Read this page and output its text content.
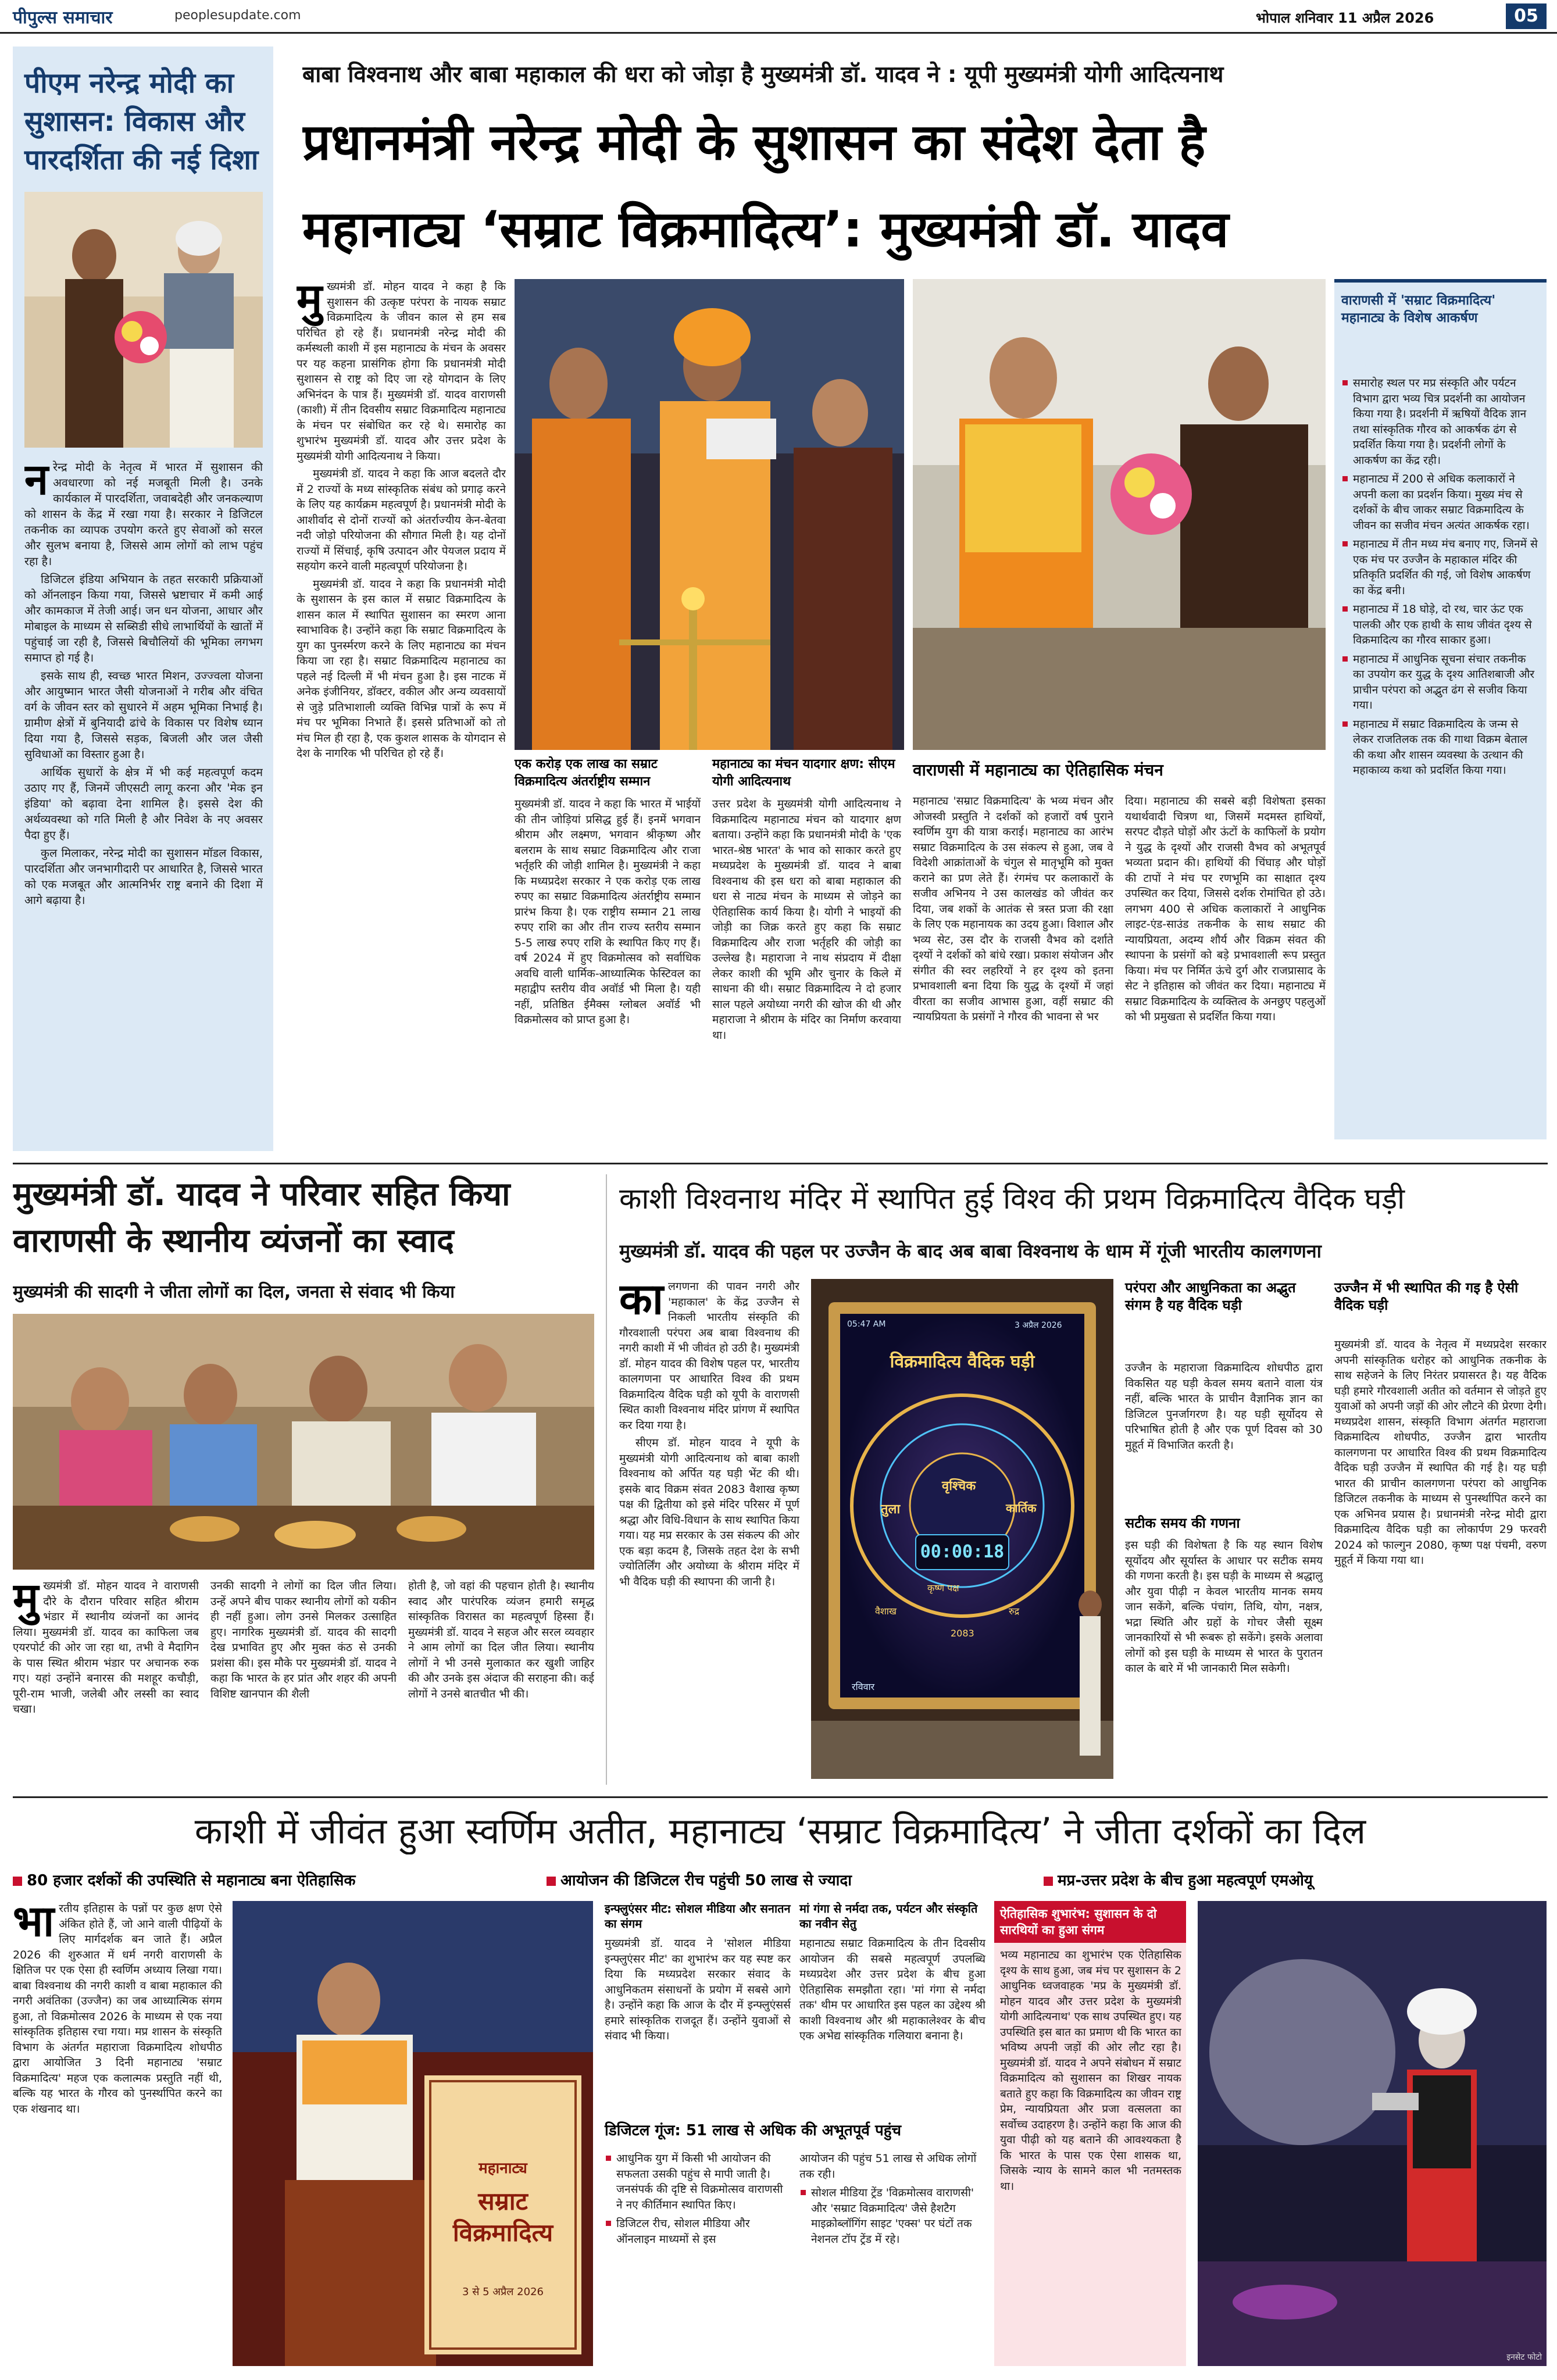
पीपुल्स समाचार	peoplesupdate.com	भोपाल शनिवार 11 अप्रैल 2026	05
पीएम नरेन्द्र मोदी का सुशासन: विकास और पारदर्शिता की नई दिशा

नरेन्द्र मोदी के नेतृत्व में भारत में सुशासन की अवधारणा को नई मजबूती मिली है। उनके कार्यकाल में पारदर्शिता, जवाबदेही और जनकल्याण को शासन के केंद्र में रखा गया है। सरकार ने डिजिटल तकनीक का व्यापक उपयोग करते हुए सेवाओं को सरल और सुलभ बनाया है, जिससे आम लोगों को लाभ पहुंच रहा है।

डिजिटल इंडिया अभियान के तहत सरकारी प्रक्रियाओं को ऑनलाइन किया गया, जिससे भ्रष्टाचार में कमी आई और कामकाज में तेजी आई। जन धन योजना, आधार और मोबाइल के माध्यम से सब्सिडी सीधे लाभार्थियों के खातों में पहुंचाई जा रही है, जिससे बिचौलियों की भूमिका लगभग समाप्त हो गई है।

इसके साथ ही, स्वच्छ भारत मिशन, उज्ज्वला योजना और आयुष्मान भारत जैसी योजनाओं ने गरीब और वंचित वर्ग के जीवन स्तर को सुधारने में अहम भूमिका निभाई है। ग्रामीण क्षेत्रों में बुनियादी ढांचे के विकास पर विशेष ध्यान दिया गया है, जिससे सड़क, बिजली और जल जैसी सुविधाओं का विस्तार हुआ है।

आर्थिक सुधारों के क्षेत्र में भी कई महत्वपूर्ण कदम उठाए गए हैं, जिनमें जीएसटी लागू करना और 'मेक इन इंडिया' को बढ़ावा देना शामिल है। इससे देश की अर्थव्यवस्था को गति मिली है और निवेश के नए अवसर पैदा हुए हैं।

कुल मिलाकर, नरेन्द्र मोदी का सुशासन मॉडल विकास, पारदर्शिता और जनभागीदारी पर आधारित है, जिससे भारत को एक मजबूत और आत्मनिर्भर राष्ट्र बनाने की दिशा में आगे बढ़ाया है।

बाबा विश्वनाथ और बाबा महाकाल की धरा को जोड़ा है मुख्यमंत्री डॉ. यादव ने : यूपी मुख्यमंत्री योगी आदित्यनाथ
प्रधानमंत्री नरेन्द्र मोदी के सुशासन का संदेश देता है
महानाट्य ‘सम्राट विक्रमादित्य’: मुख्यमंत्री डॉ. यादव

मुख्यमंत्री डॉ. मोहन यादव ने कहा है कि सुशासन की उत्कृष्ट परंपरा के नायक सम्राट विक्रमादित्य के जीवन काल से हम सब परिचित हो रहे हैं। प्रधानमंत्री नरेन्द्र मोदी की कर्मस्थली काशी में इस महानाट्य के मंचन के अवसर पर यह कहना प्रासंगिक होगा कि प्रधानमंत्री मोदी सुशासन से राष्ट्र को दिए जा रहे योगदान के लिए अभिनंदन के पात्र हैं। मुख्यमंत्री डॉ. यादव वाराणसी (काशी) में तीन दिवसीय सम्राट विक्रमादित्य महानाट्य के मंचन पर संबोधित कर रहे थे। समारोह का शुभारंभ मुख्यमंत्री डॉ. यादव और उत्तर प्रदेश के मुख्यमंत्री योगी आदित्यनाथ ने किया।

मुख्यमंत्री डॉ. यादव ने कहा कि आज बदलते दौर में 2 राज्यों के मध्य सांस्कृतिक संबंध को प्रगाढ़ करने के लिए यह कार्यक्रम महत्वपूर्ण है। प्रधानमंत्री मोदी के आशीर्वाद से दोनों राज्यों को अंतर्राज्यीय केन-बेतवा नदी जोड़ो परियोजना की सौगात मिली है। यह दोनों राज्यों में सिंचाई, कृषि उत्पादन और पेयजल प्रदाय में सहयोग करने वाली महत्वपूर्ण परियोजना है।

मुख्यमंत्री डॉ. यादव ने कहा कि प्रधानमंत्री मोदी के सुशासन के इस काल में सम्राट विक्रमादित्य के शासन काल में स्थापित सुशासन का स्मरण आना स्वाभाविक है। उन्होंने कहा कि सम्राट विक्रमादित्य के युग का पुनर्स्मरण करने के लिए महानाट्य का मंचन किया जा रहा है। सम्राट विक्रमादित्य महानाट्य का पहले नई दिल्ली में भी मंचन हुआ है। इस नाटक में अनेक इंजीनियर, डॉक्टर, वकील और अन्य व्यवसायों से जुड़े प्रतिभाशाली व्यक्ति विभिन्न पात्रों के रूप में मंच पर भूमिका निभाते हैं। इससे प्रतिभाओं को तो मंच मिल ही रहा है, एक कुशल शासक के योगदान से देश के नागरिक भी परिचित हो रहे हैं।

एक करोड़ एक लाख का सम्राट विक्रमादित्य अंतर्राष्ट्रीय सम्मान
मुख्यमंत्री डॉ. यादव ने कहा कि भारत में भाईयों की तीन जोड़ियां प्रसिद्ध हुई हैं। इनमें भगवान श्रीराम और लक्ष्मण, भगवान श्रीकृष्ण और बलराम के साथ सम्राट विक्रमादित्य और राजा भर्तृहरि की जोड़ी शामिल है। मुख्यमंत्री ने कहा कि मध्यप्रदेश सरकार ने एक करोड़ एक लाख रुपए का सम्राट विक्रमादित्य अंतर्राष्ट्रीय सम्मान प्रारंभ किया है। एक राष्ट्रीय सम्मान 21 लाख रुपए राशि का और तीन राज्य स्तरीय सम्मान 5-5 लाख रुपए राशि के स्थापित किए गए हैं। वर्ष 2024 में हुए विक्रमोत्सव को सर्वाधिक अवधि वाली धार्मिक-आध्यात्मिक फेस्टिवल का महाद्वीप स्तरीय वीव अवॉर्ड भी मिला है। यही नहीं, प्रतिष्ठित ईमैक्स ग्लोबल अवॉर्ड भी विक्रमोत्सव को प्राप्त हुआ है।
महानाट्य का मंचन यादगार क्षण: सीएम योगी आदित्यनाथ
उत्तर प्रदेश के मुख्यमंत्री योगी आदित्यनाथ ने विक्रमादित्य महानाट्य मंचन को यादगार क्षण बताया। उन्होंने कहा कि प्रधानमंत्री मोदी के 'एक भारत-श्रेष्ठ भारत' के भाव को साकार करते हुए मध्यप्रदेश के मुख्यमंत्री डॉ. यादव ने बाबा विश्वनाथ की इस धरा को बाबा महाकाल की धरा से नाट्य मंचन के माध्यम से जोड़ने का ऐतिहासिक कार्य किया है। योगी ने भाइयों की जोड़ी का जिक्र करते हुए कहा कि सम्राट विक्रमादित्य और राजा भर्तृहरि की जोड़ी का उल्लेख है। महाराजा ने नाथ संप्रदाय में दीक्षा लेकर काशी की भूमि और चुनार के किले में साधना की थी। सम्राट विक्रमादित्य ने दो हजार साल पहले अयोध्या नगरी की खोज की थी और महाराजा ने श्रीराम के मंदिर का निर्माण करवाया था।
वाराणसी में महानाट्य का ऐतिहासिक मंचन
महानाट्य 'सम्राट विक्रमादित्य' के भव्य मंचन और ओजस्वी प्रस्तुति ने दर्शकों को हजारों वर्ष पुराने स्वर्णिम युग की यात्रा कराई। महानाट्य का आरंभ सम्राट विक्रमादित्य के उस संकल्प से हुआ, जब वे विदेशी आक्रांताओं के चंगुल से मातृभूमि को मुक्त कराने का प्रण लेते हैं। रंगमंच पर कलाकारों के सजीव अभिनय ने उस कालखंड को जीवंत कर दिया, जब शकों के आतंक से त्रस्त प्रजा की रक्षा के लिए एक महानायक का उदय हुआ। विशाल और भव्य सेट, उस दौर के राजसी वैभव को दर्शाते दृश्यों ने दर्शकों को बांधे रखा। प्रकाश संयोजन और संगीत की स्वर लहरियों ने हर दृश्य को इतना प्रभावशाली बना दिया कि युद्ध के दृश्यों में जहां वीरता का सजीव आभास हुआ, वहीं सम्राट की न्यायप्रियता के प्रसंगों ने गौरव की भावना से भर
दिया। महानाट्य की सबसे बड़ी विशेषता इसका यथार्थवादी चित्रण था, जिसमें मदमस्त हाथियों, सरपट दौड़ते घोड़ों और ऊंटों के काफिलों के प्रयोग ने युद्ध के दृश्यों और राजसी वैभव को अभूतपूर्व भव्यता प्रदान की। हाथियों की चिंघाड़ और घोड़ों की टापों ने मंच पर रणभूमि का साक्षात दृश्य उपस्थित कर दिया, जिससे दर्शक रोमांचित हो उठे। लगभग 400 से अधिक कलाकारों ने आधुनिक लाइट-एंड-साउंड तकनीक के साथ सम्राट की न्यायप्रियता, अदम्य शौर्य और विक्रम संवत की स्थापना के प्रसंगों को बड़े प्रभावशाली रूप प्रस्तुत किया। मंच पर निर्मित ऊंचे दुर्ग और राजप्रासाद के सेट ने इतिहास को जीवंत कर दिया। महानाट्य में सम्राट विक्रमादित्य के व्यक्तित्व के अनछुए पहलुओं को भी प्रमुखता से प्रदर्शित किया गया।
वाराणसी में 'सम्राट विक्रमादित्य' महानाट्य के विशेष आकर्षण
समारोह स्थल पर मप्र संस्कृति और पर्यटन विभाग द्वारा भव्य चित्र प्रदर्शनी का आयोजन किया गया है। प्रदर्शनी में ऋषियों वैदिक ज्ञान तथा सांस्कृतिक गौरव को आकर्षक ढंग से प्रदर्शित किया गया है। प्रदर्शनी लोगों के आकर्षण का केंद्र रही।
महानाट्य में 200 से अधिक कलाकारों ने अपनी कला का प्रदर्शन किया। मुख्य मंच से दर्शकों के बीच जाकर सम्राट विक्रमादित्य के जीवन का सजीव मंचन अत्यंत आकर्षक रहा।
महानाट्य में तीन मध्य मंच बनाए गए, जिनमें से एक मंच पर उज्जैन के महाकाल मंदिर की प्रतिकृति प्रदर्शित की गई, जो विशेष आकर्षण का केंद्र बनी।
महानाट्य में 18 घोड़े, दो रथ, चार ऊंट एक पालकी और एक हाथी के साथ जीवंत दृश्य से विक्रमादित्य का गौरव साकार हुआ।
महानाट्य में आधुनिक सूचना संचार तकनीक का उपयोग कर युद्ध के दृश्य आतिशबाजी और प्राचीन परंपरा को अद्भुत ढंग से सजीव किया गया।
महानाट्य में सम्राट विक्रमादित्य के जन्म से लेकर राजतिलक तक की गाथा विक्रम बेताल की कथा और शासन व्यवस्था के उत्थान की महाकाव्य कथा को प्रदर्शित किया गया।
मुख्यमंत्री डॉ. यादव ने परिवार सहित किया
वाराणसी के स्थानीय व्यंजनों का स्वाद
मुख्यमंत्री की सादगी ने जीता लोगों का दिल, जनता से संवाद भी किया

मुख्यमंत्री डॉ. मोहन यादव ने वाराणसी दौरे के दौरान परिवार सहित श्रीराम भंडार में स्थानीय व्यंजनों का आनंद लिया। मुख्यमंत्री डॉ. यादव का काफिला जब एयरपोर्ट की ओर जा रहा था, तभी वे मैदागिन के पास स्थित श्रीराम भंडार पर अचानक रुक गए। यहां उन्होंने बनारस की मशहूर कचौड़ी, पूरी-राम भाजी, जलेबी और लस्सी का स्वाद चखा।

उनकी सादगी ने लोगों का दिल जीत लिया। उन्हें अपने बीच पाकर स्थानीय लोगों को यकीन ही नहीं हुआ। लोग उनसे मिलकर उत्साहित हुए। नागरिक मुख्यमंत्री डॉ. यादव की सादगी देख प्रभावित हुए और मुक्त कंठ से उनकी प्रशंसा की। इस मौके पर मुख्यमंत्री डॉ. यादव ने कहा कि भारत के हर प्रांत और शहर की अपनी विशिष्ट खानपान की शैली
होती है, जो वहां की पहचान होती है। स्थानीय स्वाद और पारंपरिक व्यंजन हमारी समृद्ध सांस्कृतिक विरासत का महत्वपूर्ण हिस्सा हैं। मुख्यमंत्री डॉ. यादव ने सहज और सरल व्यवहार ने आम लोगों का दिल जीत लिया। स्थानीय लोगों ने भी उनसे मुलाकात कर खुशी जाहिर की और उनके इस अंदाज की सराहना की। कई लोगों ने उनसे बातचीत भी की।
काशी विश्वनाथ मंदिर में स्थापित हुई विश्व की प्रथम विक्रमादित्य वैदिक घड़ी
मुख्यमंत्री डॉ. यादव की पहल पर उज्जैन के बाद अब बाबा विश्वनाथ के धाम में गूंजी भारतीय कालगणना

कालगणना की पावन नगरी और 'महाकाल' के केंद्र उज्जैन से निकली भारतीय संस्कृति की गौरवशाली परंपरा अब बाबा विश्वनाथ की नगरी काशी में भी जीवंत हो उठी है। मुख्यमंत्री डॉ. मोहन यादव की विशेष पहल पर, भारतीय कालगणना पर आधारित विश्व की प्रथम विक्रमादित्य वैदिक घड़ी को यूपी के वाराणसी स्थित काशी विश्वनाथ मंदिर प्रांगण में स्थापित कर दिया गया है।

सीएम डॉ. मोहन यादव ने यूपी के मुख्यमंत्री योगी आदित्यनाथ को बाबा काशी विश्वनाथ को अर्पित यह घड़ी भेंट की थी। इसके बाद विक्रम संवत 2083 वैशाख कृष्ण पक्ष की द्वितीया को इसे मंदिर परिसर में पूर्ण श्रद्धा और विधि-विधान के साथ स्थापित किया गया। यह मप्र सरकार के उस संकल्प की ओर एक बड़ा कदम है, जिसके तहत देश के सभी ज्योतिर्लिंग और अयोध्या के श्रीराम मंदिर में भी वैदिक घड़ी की स्थापना की जानी है।

05:47 AM	3 अप्रैल 2026
विक्रमादित्य वैदिक घड़ी
तुला
वृश्चिक
कार्तिक
00:00:18
कृष्ण पक्ष
वैशाख	रुद्र
2083
रविवार
परंपरा और आधुनिकता का अद्भुत संगम है यह वैदिक घड़ी
उज्जैन के महाराजा विक्रमादित्य शोधपीठ द्वारा विकसित यह घड़ी केवल समय बताने वाला यंत्र नहीं, बल्कि भारत के प्राचीन वैज्ञानिक ज्ञान का डिजिटल पुनर्जागरण है। यह घड़ी सूर्योदय से परिभाषित होती है और एक पूर्ण दिवस को 30 मुहूर्त में विभाजित करती है।
सटीक समय की गणना
इस घड़ी की विशेषता है कि यह स्थान विशेष सूर्योदय और सूर्यास्त के आधार पर सटीक समय की गणना करती है। इस घड़ी के माध्यम से श्रद्धालु और युवा पीढ़ी न केवल भारतीय मानक समय जान सकेंगे, बल्कि पंचांग, तिथि, योग, नक्षत्र, भद्रा स्थिति और ग्रहों के गोचर जैसी सूक्ष्म जानकारियों से भी रूबरू हो सकेंगे। इसके अलावा लोगों को इस घड़ी के माध्यम से भारत के पुरातन काल के बारे में भी जानकारी मिल सकेगी।
उज्जैन में भी स्थापित की गइ है ऐसी वैदिक घड़ी
मुख्यमंत्री डॉ. यादव के नेतृत्व में मध्यप्रदेश सरकार अपनी सांस्कृतिक धरोहर को आधुनिक तकनीक के साथ सहेजने के लिए निरंतर प्रयासरत है। यह वैदिक घड़ी हमारे गौरवशाली अतीत को वर्तमान से जोड़ते हुए युवाओं को अपनी जड़ों की ओर लौटने की प्रेरणा देगी। मध्यप्रदेश शासन, संस्कृति विभाग अंतर्गत महाराजा विक्रमादित्य शोधपीठ, उज्जैन द्वारा भारतीय कालगणना पर आधारित विश्व की प्रथम विक्रमादित्य वैदिक घड़ी उज्जैन में स्थापित की गई है। यह घड़ी भारत की प्राचीन कालगणना परंपरा को आधुनिक डिजिटल तकनीक के माध्यम से पुनर्स्थापित करने का एक अभिनव प्रयास है। प्रधानमंत्री नरेन्द्र मोदी द्वारा विक्रमादित्य वैदिक घड़ी का लोकार्पण 29 फरवरी 2024 को फाल्गुन 2080, कृष्ण पक्ष पंचमी, वरुण मुहूर्त में किया गया था।
काशी में जीवंत हुआ स्वर्णिम अतीत, महानाट्य ‘सम्राट विक्रमादित्य’ ने जीता दर्शकों का दिल
80 हजार दर्शकों की उपस्थिति से महानाट्य बना ऐतिहासिक	आयोजन की डिजिटल रीच पहुंची 50 लाख से ज्यादा	मप्र-उत्तर प्रदेश के बीच हुआ महत्वपूर्ण एमओयू

भारतीय इतिहास के पन्नों पर कुछ क्षण ऐसे अंकित होते हैं, जो आने वाली पीढ़ियों के लिए मार्गदर्शक बन जाते हैं। अप्रैल 2026 की शुरुआत में धर्म नगरी वाराणसी के क्षितिज पर एक ऐसा ही स्वर्णिम अध्याय लिखा गया। बाबा विश्वनाथ की नगरी काशी व बाबा महाकाल की नगरी अवंतिका (उज्जैन) का जब आध्यात्मिक संगम हुआ, तो विक्रमोत्सव 2026 के माध्यम से एक नया सांस्कृतिक इतिहास रचा गया। मप्र शासन के संस्कृति विभाग के अंतर्गत महाराजा विक्रमादित्य शोधपीठ द्वारा आयोजित 3 दिनी महानाट्य 'सम्राट विक्रमादित्य' महज एक कलात्मक प्रस्तुति नहीं थी, बल्कि यह भारत के गौरव को पुनर्स्थापित करने का एक शंखनाद था।

महानाट्य
सम्राट विक्रमादित्य
3 से 5 अप्रैल 2026
इन्फ्लुएंसर मीट: सोशल मीडिया और सनातन का संगम
मुख्यमंत्री डॉ. यादव ने 'सोशल मीडिया इन्फ्लुएंसर मीट' का शुभारंभ कर यह स्पष्ट कर दिया कि मध्यप्रदेश सरकार संवाद के आधुनिकतम संसाधनों के प्रयोग में सबसे आगे है। उन्होंने कहा कि आज के दौर में इन्फ्लुएंसर्स हमारे सांस्कृतिक राजदूत हैं। उन्होंने युवाओं से संवाद भी किया।
मां गंगा से नर्मदा तक, पर्यटन और संस्कृति का नवीन सेतु
महानाट्य सम्राट विक्रमादित्य के तीन दिवसीय आयोजन की सबसे महत्वपूर्ण उपलब्धि मध्यप्रदेश और उत्तर प्रदेश के बीच हुआ ऐतिहासिक समझौता रहा। 'मां गंगा से नर्मदा तक' थीम पर आधारित इस पहल का उद्देश्य श्री काशी विश्वनाथ और श्री महाकालेश्वर के बीच एक अभेद्य सांस्कृतिक गलियारा बनाना है।
डिजिटल गूंज: 51 लाख से अधिक की अभूतपूर्व पहुंच
आधुनिक युग में किसी भी आयोजन की सफलता उसकी पहुंच से मापी जाती है। जनसंपर्क की दृष्टि से विक्रमोत्सव वाराणसी ने नए कीर्तिमान स्थापित किए।
डिजिटल रीच, सोशल मीडिया और ऑनलाइन माध्यमों से इस
आयोजन की पहुंच 51 लाख से अधिक लोगों तक रही।
सोशल मीडिया ट्रेंड 'विक्रमोत्सव वाराणसी' और 'सम्राट विक्रमादित्य' जैसे हैशटैग माइक्रोब्लॉगिंग साइट 'एक्स' पर घंटों तक नेशनल टॉप ट्रेंड में रहे।
ऐतिहासिक शुभारंभ: सुशासन के दो सारथियों का हुआ संगम
भव्य महानाट्य का शुभारंभ एक ऐतिहासिक दृश्य के साथ हुआ, जब मंच पर सुशासन के 2 आधुनिक ध्वजवाहक 'मप्र के मुख्यमंत्री डॉ. मोहन यादव और उत्तर प्रदेश के मुख्यमंत्री योगी आदित्यनाथ' एक साथ उपस्थित हुए। यह उपस्थिति इस बात का प्रमाण थी कि भारत का भविष्य अपनी जड़ों की ओर लौट रहा है। मुख्यमंत्री डॉ. यादव ने अपने संबोधन में सम्राट विक्रमादित्य को सुशासन का शिखर नायक बताते हुए कहा कि विक्रमादित्य का जीवन राष्ट्र प्रेम, न्यायप्रियता और प्रजा वत्सलता का सर्वोच्च उदाहरण है। उन्होंने कहा कि आज की युवा पीढ़ी को यह बताने की आवश्यकता है कि भारत के पास एक ऐसा शासक था, जिसके न्याय के सामने काल भी नतमस्तक था।
इनसेट फोटो
